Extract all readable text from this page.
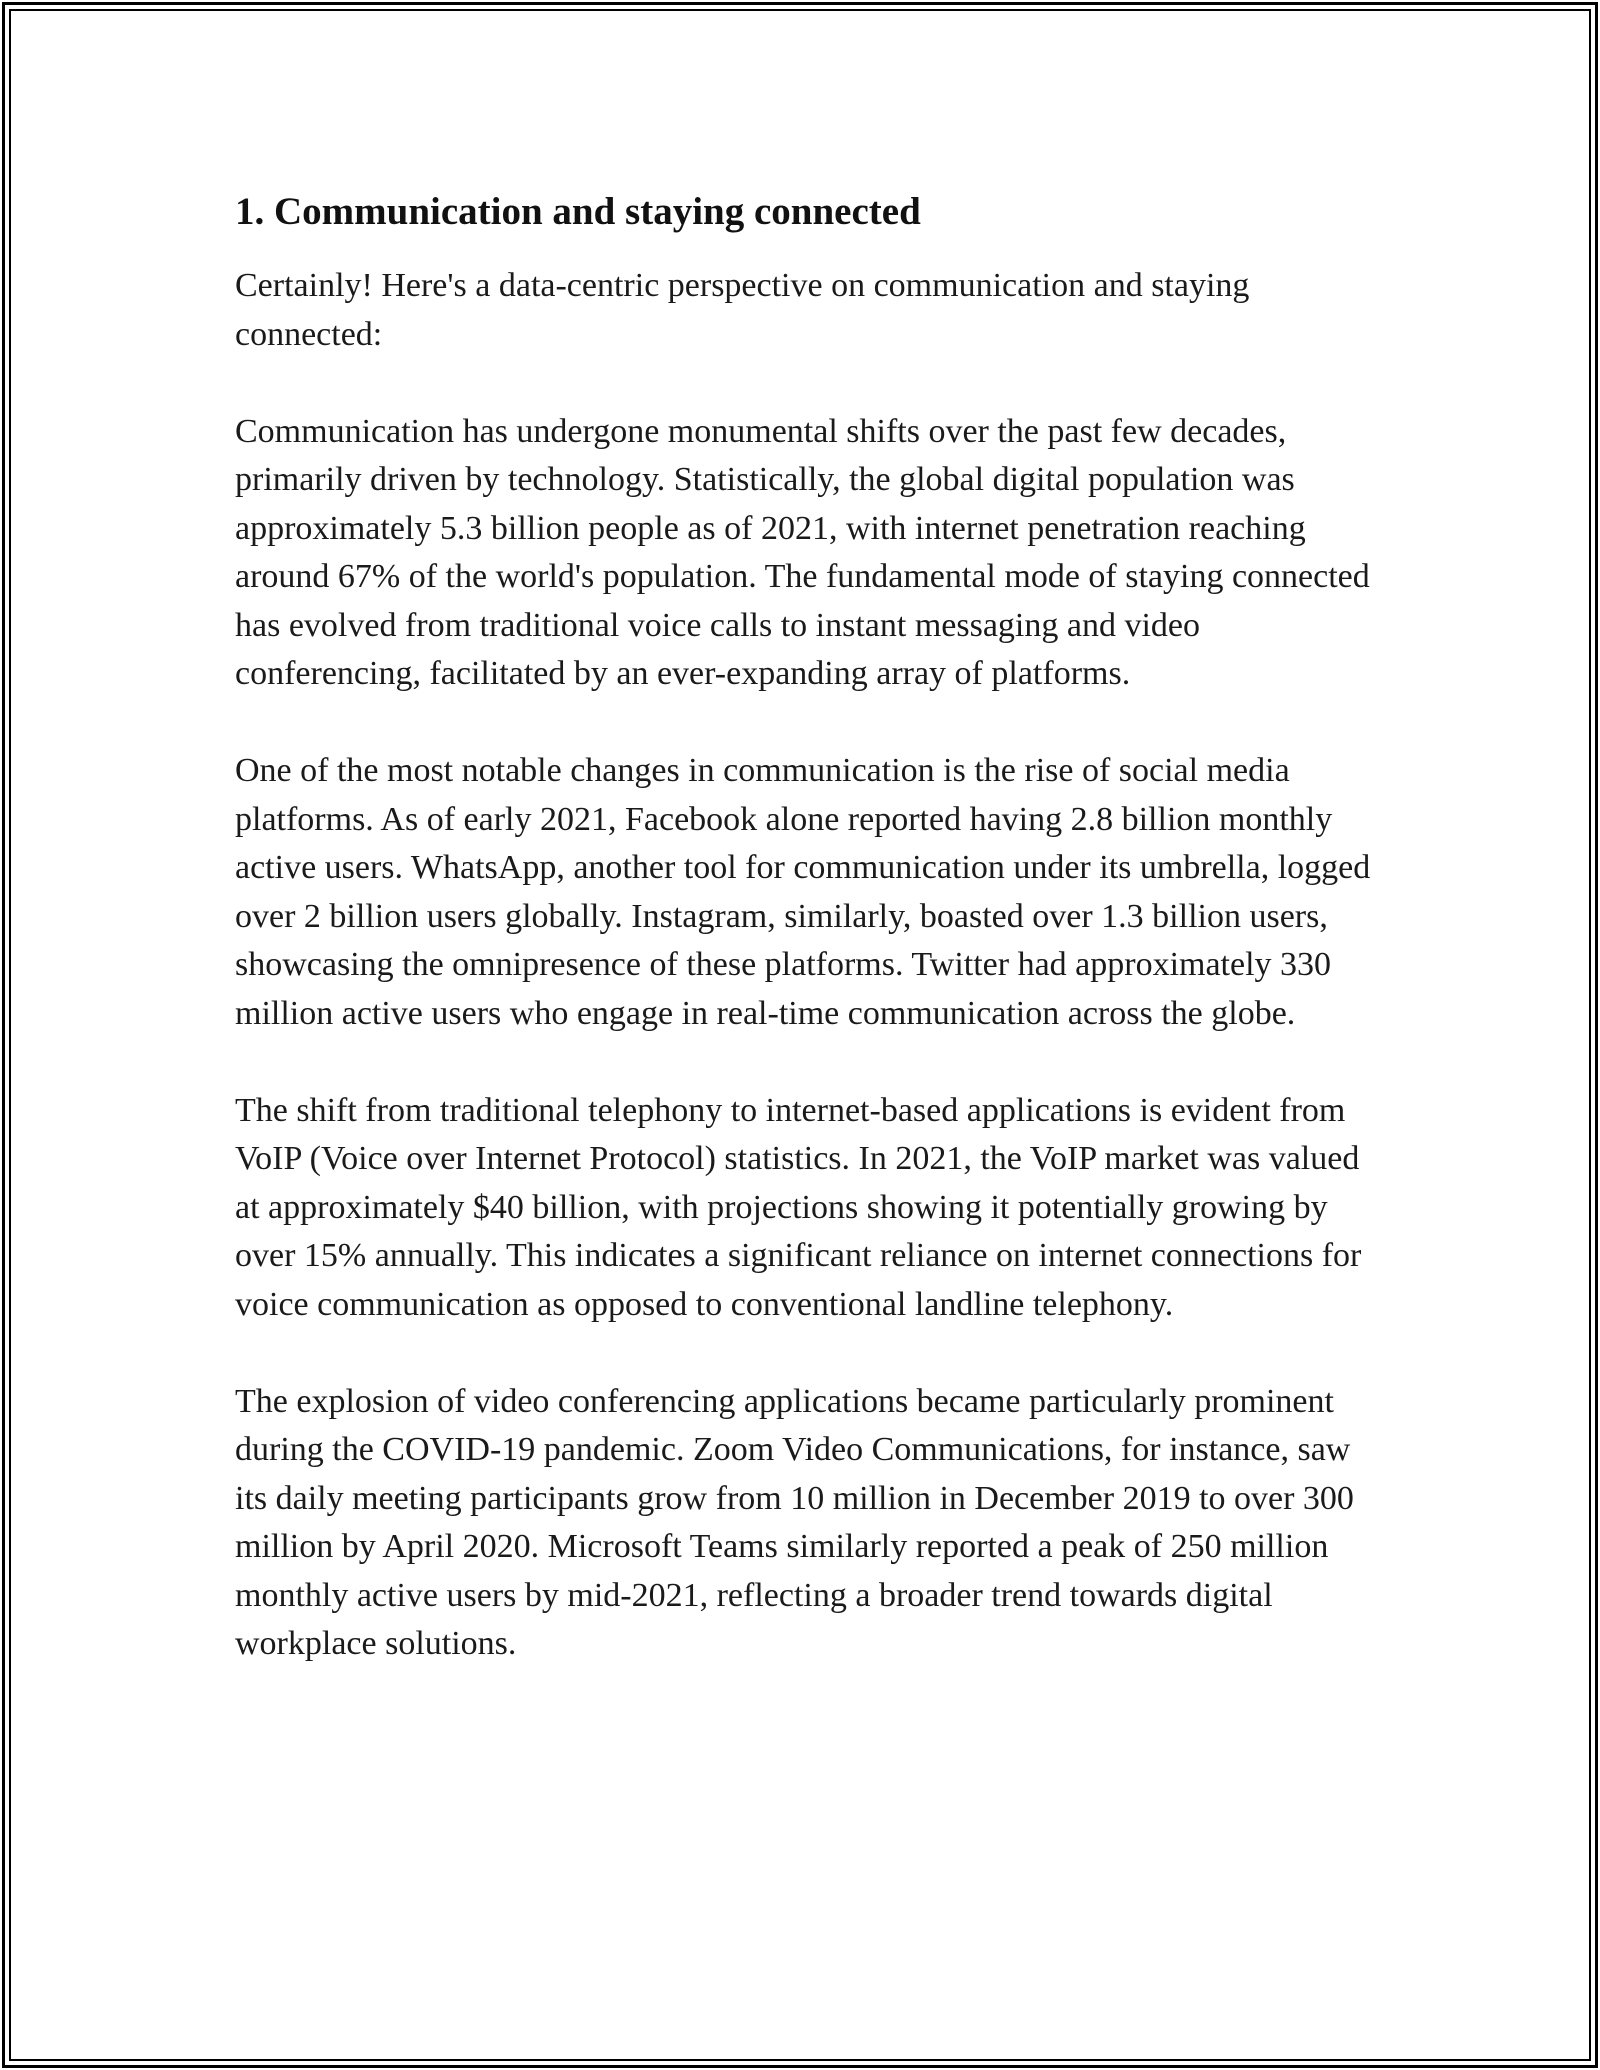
1. Communication and staying connected

Certainly! Here's a data-centric perspective on communication and staying connected:

Communication has undergone monumental shifts over the past few decades, primarily driven by technology. Statistically, the global digital population was approximately 5.3 billion people as of 2021, with internet penetration reaching around 67% of the world's population. The fundamental mode of staying connected has evolved from traditional voice calls to instant messaging and video conferencing, facilitated by an ever-expanding array of platforms.

One of the most notable changes in communication is the rise of social media platforms. As of early 2021, Facebook alone reported having 2.8 billion monthly active users. WhatsApp, another tool for communication under its umbrella, logged over 2 billion users globally. Instagram, similarly, boasted over 1.3 billion users, showcasing the omnipresence of these platforms. Twitter had approximately 330 million active users who engage in real-time communication across the globe.

The shift from traditional telephony to internet-based applications is evident from VoIP (Voice over Internet Protocol) statistics. In 2021, the VoIP market was valued at approximately $40 billion, with projections showing it potentially growing by over 15% annually. This indicates a significant reliance on internet connections for voice communication as opposed to conventional landline telephony.

The explosion of video conferencing applications became particularly prominent during the COVID-19 pandemic. Zoom Video Communications, for instance, saw its daily meeting participants grow from 10 million in December 2019 to over 300 million by April 2020. Microsoft Teams similarly reported a peak of 250 million monthly active users by mid-2021, reflecting a broader trend towards digital workplace solutions.
